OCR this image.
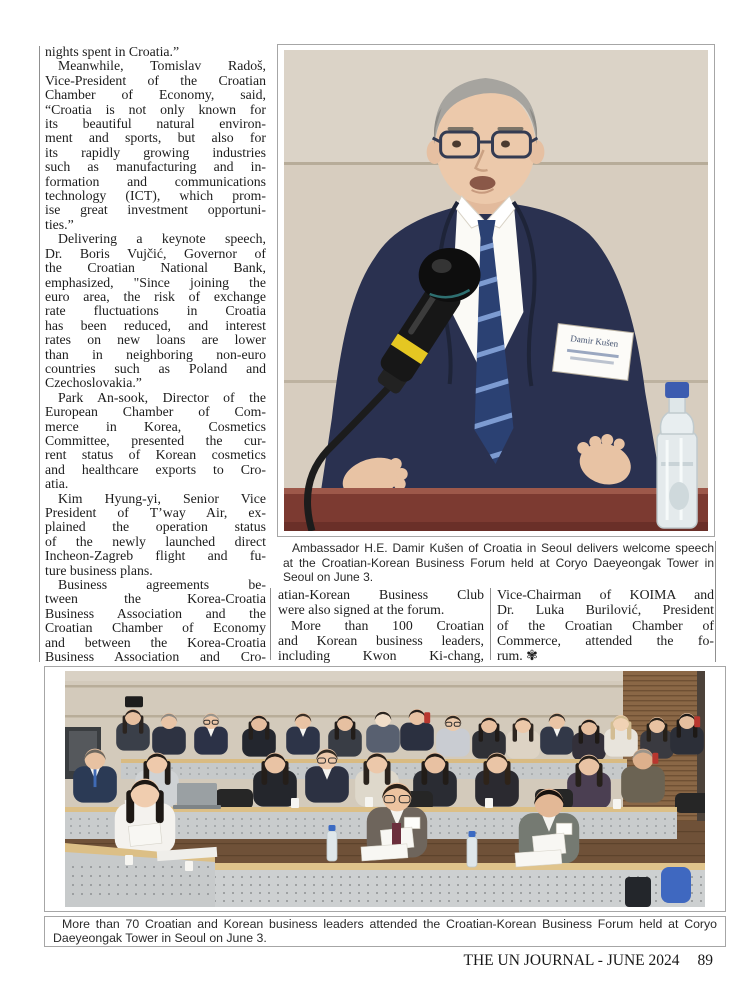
nights spent in Croatia.”
Meanwhile, Tomislav Radoš,
Vice-President of the Croatian
Chamber of Economy, said,
“Croatia is not only known for
its beautiful natural environ-
ment and sports, but also for
its rapidly growing industries
such as manufacturing and in-
formation and communications
technology (ICT), which prom-
ise great investment opportuni-
ties.”
Delivering a keynote speech,
Dr. Boris Vujčić, Governor of
the Croatian National Bank,
emphasized, "Since joining the
euro area, the risk of exchange
rate fluctuations in Croatia
has been reduced, and interest
rates on new loans are lower
than in neighboring non-euro
countries such as Poland and
Czechoslovakia.”
Park An-sook, Director of the
European Chamber of Com-
merce in Korea, Cosmetics
Committee, presented the cur-
rent status of Korean cosmetics
and healthcare exports to Cro-
atia.
Kim Hyung-yi, Senior Vice
President of T’way Air, ex-
plained the operation status
of the newly launched direct
Incheon-Zagreb flight and fu-
ture business plans.
Business agreements be-
tween the Korea-Croatia
Business Association and the
Croatian Chamber of Economy
and between the Korea-Croatia
Business Association and Cro-
atian-Korean Business Club
were also signed at the forum.
More than 100 Croatian
and Korean business leaders,
including Kwon Ki-chang,
Vice-Chairman of KOIMA and
Dr. Luka Burilović, President
of the Croatian Chamber of
Commerce, attended the fo-
rum. ✾
Damir Kušen
Ambassador H.E. Damir Kušen of Croatia in Seoul delivers welcome speech
at the Croatian-Korean Business Forum held at Coryo Daeyeongak Tower in
Seoul on June 3.
More than 70 Croatian and Korean business leaders attended the Croatian-Korean Business Forum held at Coryo
Daeyeongak Tower in Seoul on June 3.
THE UN JOURNAL - JUNE 2024 89
